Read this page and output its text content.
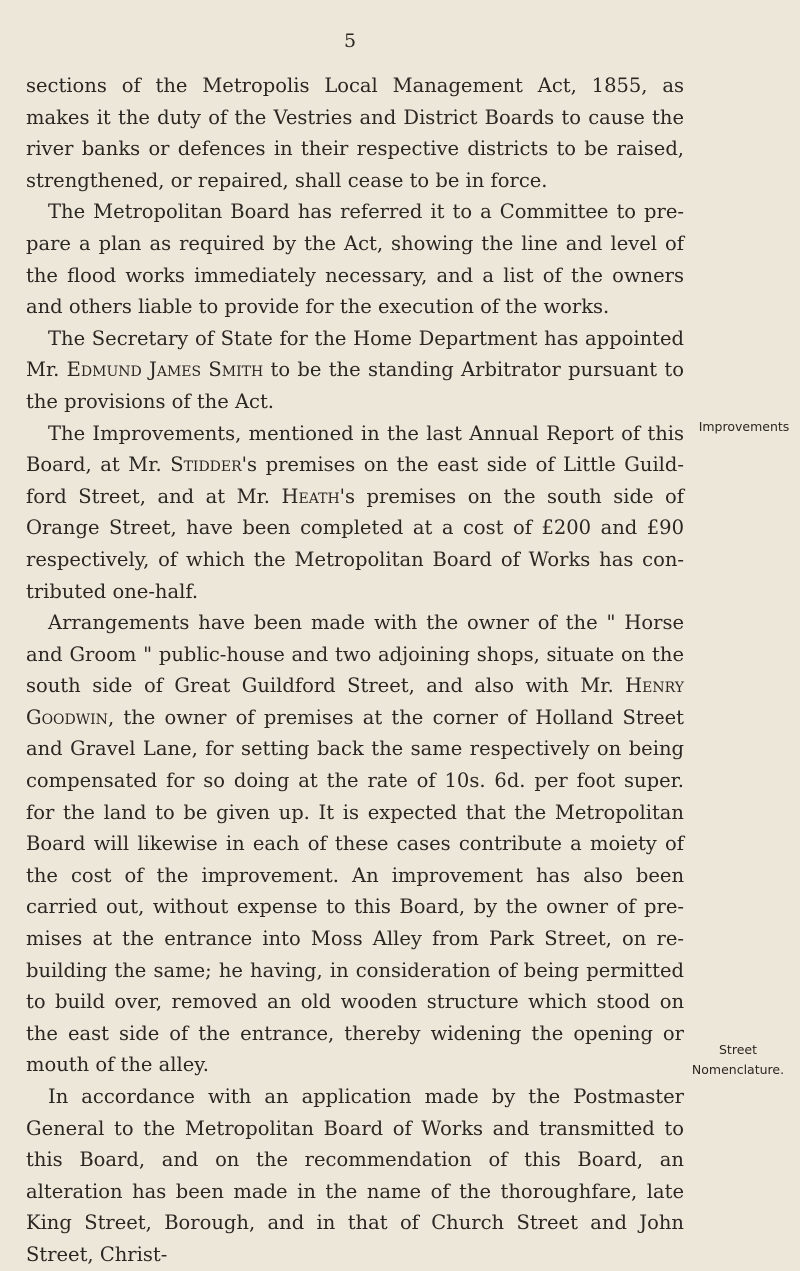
5

sections of the Metropolis Local Management Act, 1855, as makes it the duty of the Vestries and District Boards to cause the river banks or defences in their respective districts to be raised, strengthened, or repaired, shall cease to be in force.

The Metropolitan Board has referred it to a Committee to prepare a plan as required by the Act, showing the line and level of the flood works immediately necessary, and a list of the owners and others liable to provide for the execution of the works.

The Secretary of State for the Home Department has appointed Mr. Edmund James Smith to be the standing Arbitrator pursuant to the provisions of the Act.

The Improvements, mentioned in the last Annual Report of this Board, at Mr. Stidder's premises on the east side of Little Guildford Street, and at Mr. Heath's premises on the south side of Orange Street, have been completed at a cost of £200 and £90 respectively, of which the Metropolitan Board of Works has contributed one-half.

Arrangements have been made with the owner of the " Horse and Groom " public-house and two adjoining shops, situate on the south side of Great Guildford Street, and also with Mr. Henry Goodwin, the owner of premises at the corner of Holland Street and Gravel Lane, for setting back the same respectively on being compensated for so doing at the rate of 10s. 6d. per foot super. for the land to be given up. It is expected that the Metropolitan Board will likewise in each of these cases contribute a moiety of the cost of the improvement. An improvement has also been carried out, without expense to this Board, by the owner of premises at the entrance into Moss Alley from Park Street, on rebuilding the same; he having, in consideration of being permitted to build over, removed an old wooden structure which stood on the east side of the entrance, thereby widening the opening or mouth of the alley.

In accordance with an application made by the Postmaster General to the Metropolitan Board of Works and transmitted to this Board, and on the recommendation of this Board, an alteration has been made in the name of the thoroughfare, late King Street, Borough, and in that of Church Street and John Street, Christ-

Improvements
Street
Nomenclature.
